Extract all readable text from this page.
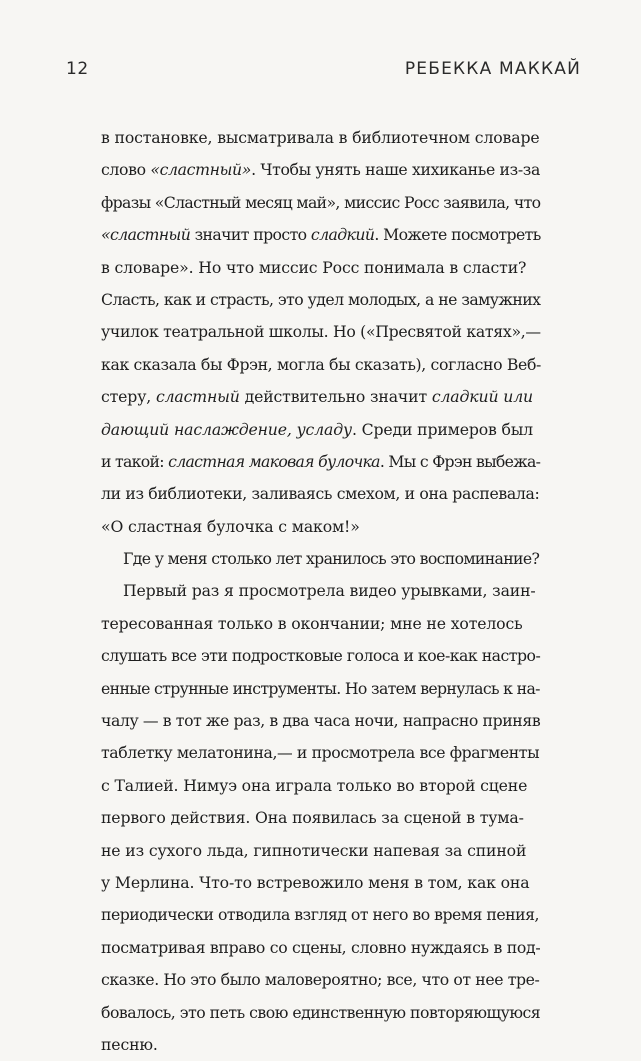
12	РЕБЕККА МАККАЙ
в постановке, высматривала в библиотечном словаре
слово «сластный». Чтобы унять наше хихиканье из-за
фразы «Сластный месяц май», миссис Росс заявила, что
«сластный значит просто сладкий. Можете посмотреть
в словаре». Но что миссис Росс понимала в сласти?
Сласть, как и страсть, это удел молодых, а не замужних
училок театральной школы. Но («Пресвятой катях»,—
как сказала бы Фрэн, могла бы сказать), согласно Веб-
стеру, сластный действительно значит сладкий или
дающий наслаждение, усладу. Среди примеров был
и такой: сластная маковая булочка. Мы с Фрэн выбежа-
ли из библиотеки, заливаясь смехом, и она распевала:
«О сластная булочка с маком!»
Где у меня столько лет хранилось это воспоминание?
Первый раз я просмотрела видео урывками, заин-
тересованная только в окончании; мне не хотелось
слушать все эти подростковые голоса и кое-как настро-
енные струнные инструменты. Но затем вернулась к на-
чалу — в тот же раз, в два часа ночи, напрасно приняв
таблетку мелатонина,— и просмотрела все фрагменты
с Талией. Нимуэ она играла только во второй сцене
первого действия. Она появилась за сценой в тума-
не из сухого льда, гипнотически напевая за спиной
у Мерлина. Что-то встревожило меня в том, как она
периодически отводила взгляд от него во время пения,
посматривая вправо со сцены, словно нуждаясь в под-
сказке. Но это было маловероятно; все, что от нее тре-
бовалось, это петь свою единственную повторяющуюся
песню.
